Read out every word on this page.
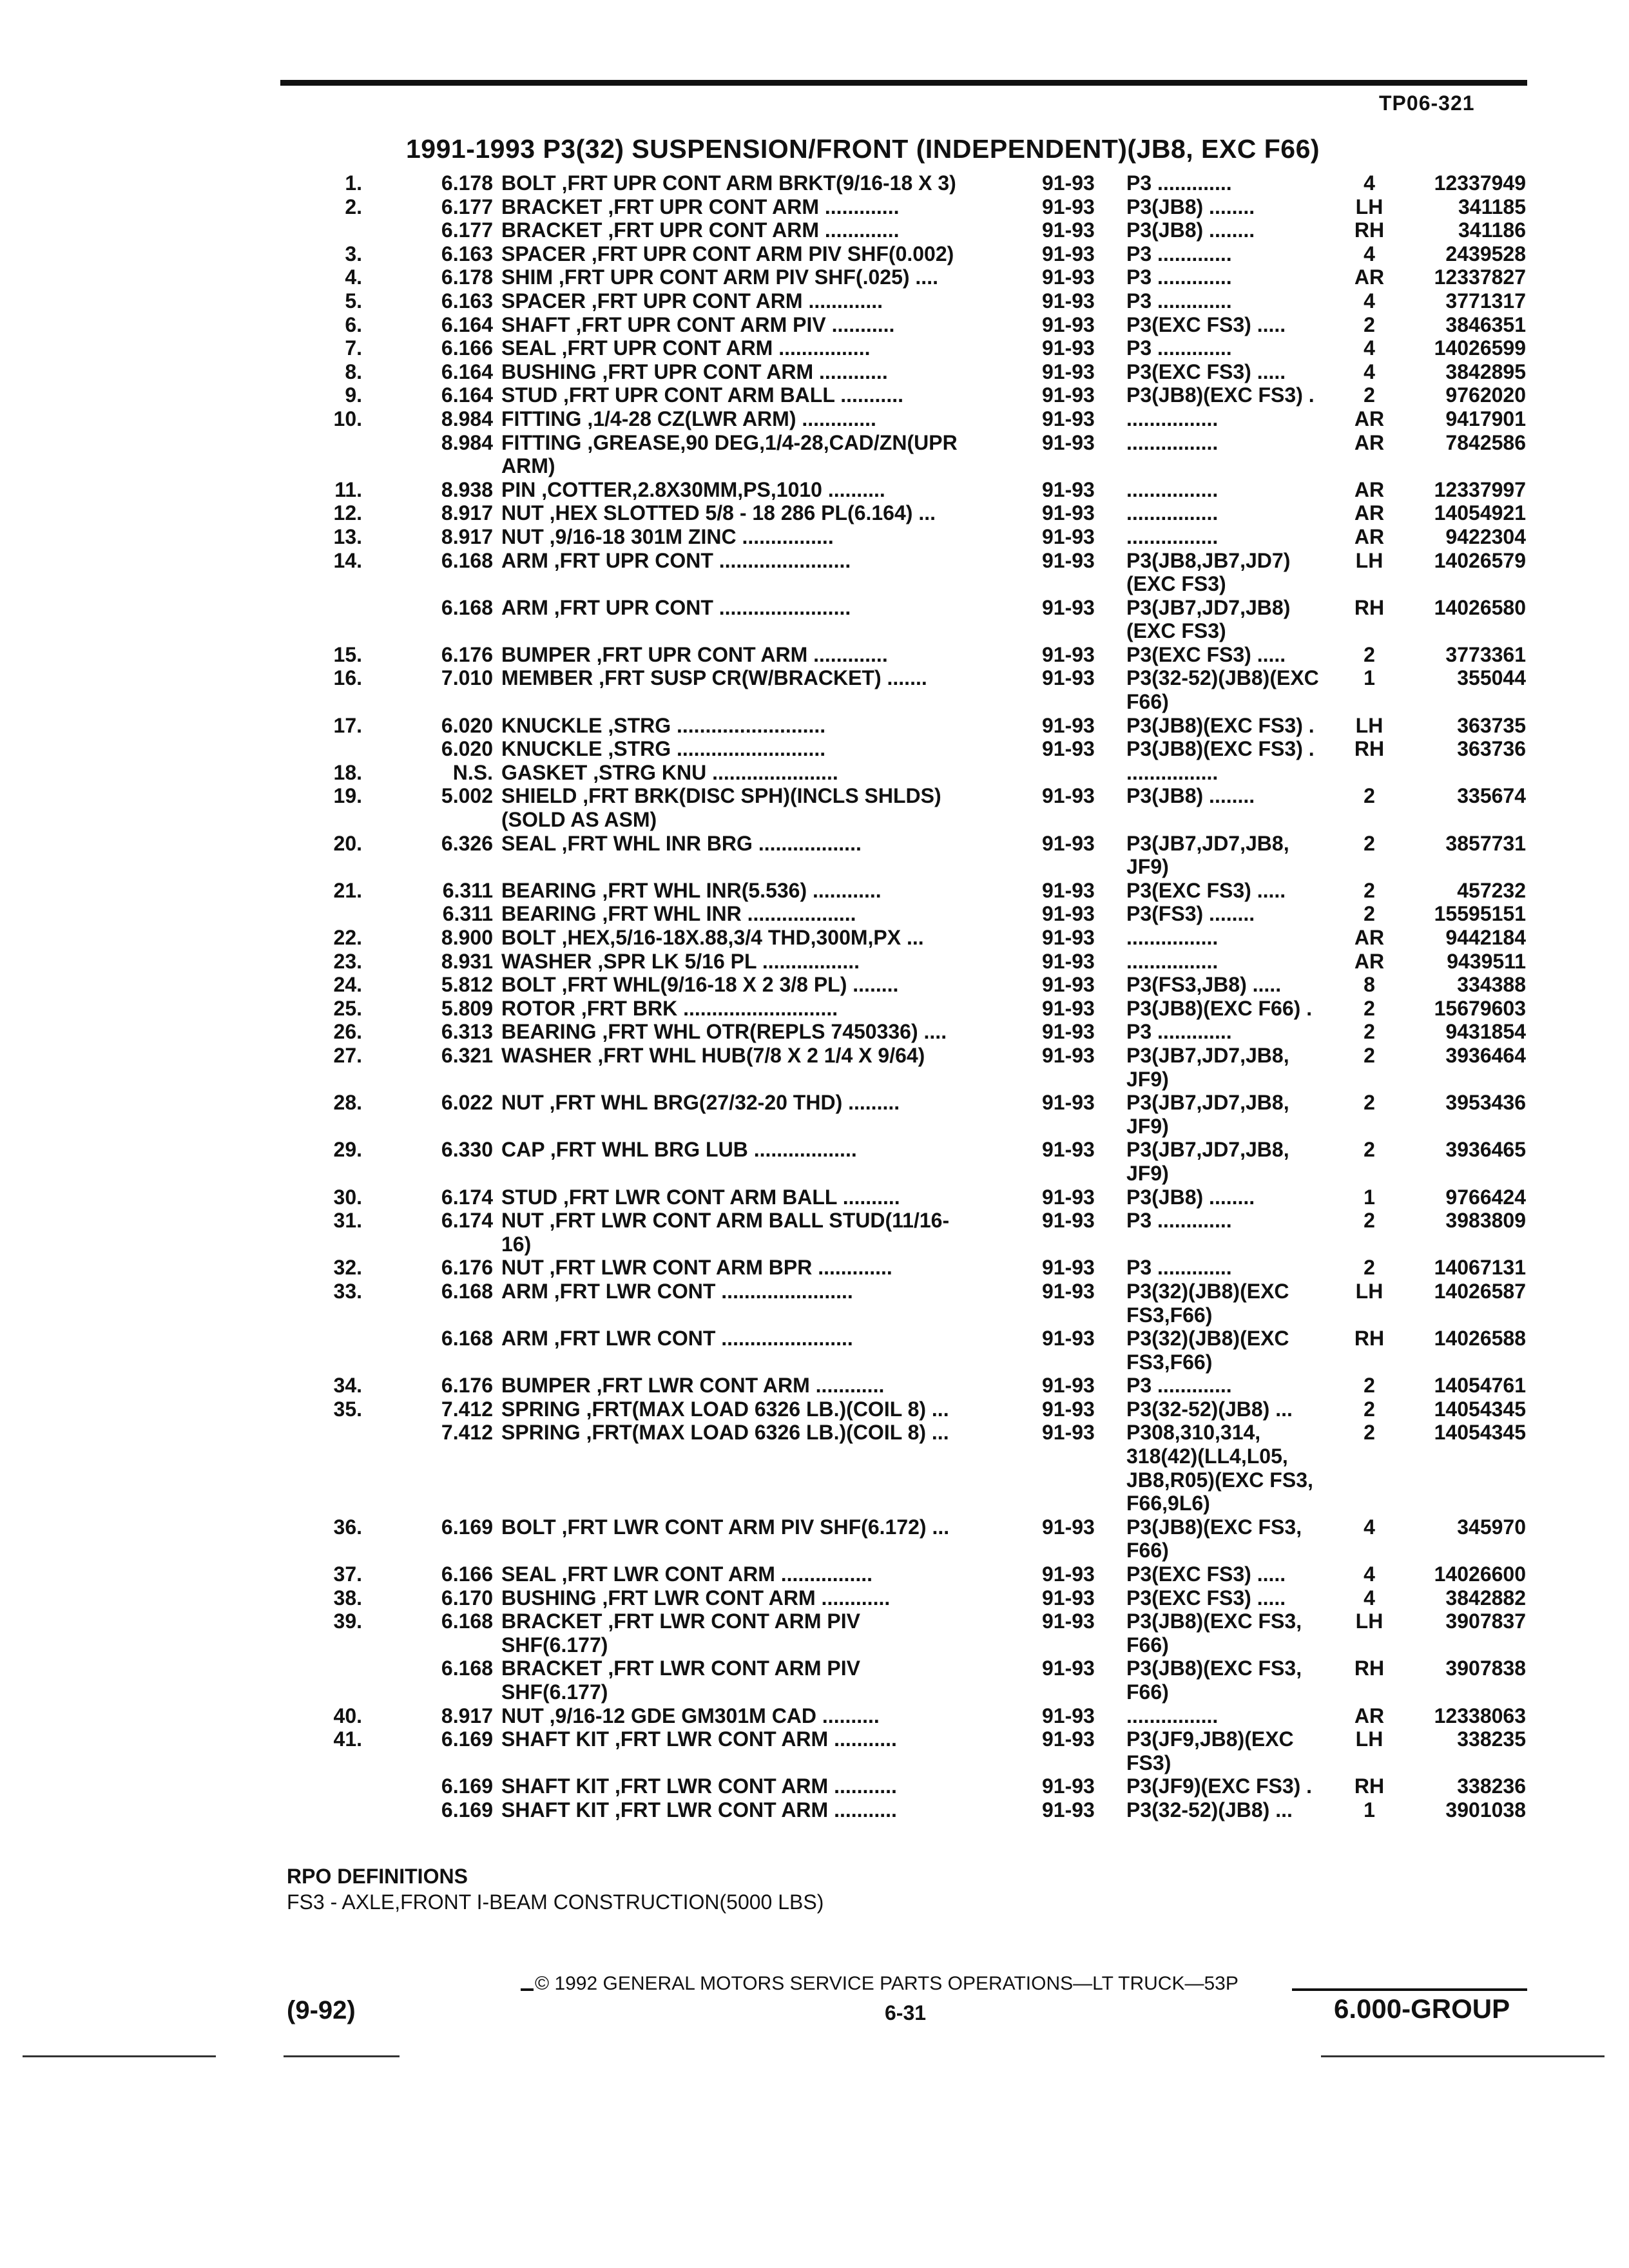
TP06-321
1991-1993 P3(32) SUSPENSION/FRONT (INDEPENDENT)(JB8, EXC F66)
1.	6.178 BOLT ,FRT UPR CONT ARM BRKT(9/16-18 X 3)	91-93 P3 .............	4	12337949
2.	6.177 BRACKET ,FRT UPR CONT ARM .............	91-93 P3(JB8) ........	LH	341185
6.177 BRACKET ,FRT UPR CONT ARM .............	91-93 P3(JB8) ........	RH	341186
3.	6.163 SPACER ,FRT UPR CONT ARM PIV SHF(0.002)	91-93 P3 .............	4	2439528
4.	6.178 SHIM ,FRT UPR CONT ARM PIV SHF(.025) ....	91-93 P3 .............	AR	12337827
5.	6.163 SPACER ,FRT UPR CONT ARM .............	91-93 P3 .............	4	3771317
6.	6.164 SHAFT ,FRT UPR CONT ARM PIV ...........	91-93 P3(EXC FS3) .....	2	3846351
7.	6.166 SEAL ,FRT UPR CONT ARM ................	91-93 P3 .............	4	14026599
8.	6.164 BUSHING ,FRT UPR CONT ARM ............	91-93 P3(EXC FS3) .....	4	3842895
9.	6.164 STUD ,FRT UPR CONT ARM BALL ...........	91-93 P3(JB8)(EXC FS3) .	2	9762020
10.	8.984 FITTING ,1/4-28 CZ(LWR ARM) .............	91-93 ................	AR	9417901
8.984 FITTING ,GREASE,90 DEG,1/4-28,CAD/ZN(UPR	91-93 ................	AR	7842586
ARM)
11.	8.938 PIN ,COTTER,2.8X30MM,PS,1010 ..........	91-93 ................	AR	12337997
12.	8.917 NUT ,HEX SLOTTED 5/8 - 18 286 PL(6.164) ...	91-93 ................	AR	14054921
13.	8.917 NUT ,9/16-18 301M ZINC ................	91-93 ................	AR	9422304
14.	6.168 ARM ,FRT UPR CONT .......................	91-93 P3(JB8,JB7,JD7)	LH	14026579
(EXC FS3)
6.168 ARM ,FRT UPR CONT .......................	91-93 P3(JB7,JD7,JB8)	RH	14026580
(EXC FS3)
15.	6.176 BUMPER ,FRT UPR CONT ARM .............	91-93 P3(EXC FS3) .....	2	3773361
16.	7.010 MEMBER ,FRT SUSP CR(W/BRACKET) .......	91-93 P3(32-52)(JB8)(EXC	1	355044
F66)
17.	6.020 KNUCKLE ,STRG ..........................	91-93 P3(JB8)(EXC FS3) .	LH	363735
6.020 KNUCKLE ,STRG ..........................	91-93 P3(JB8)(EXC FS3) .	RH	363736
18.	N.S. GASKET ,STRG KNU ......................	................
19.	5.002 SHIELD ,FRT BRK(DISC SPH)(INCLS SHLDS)	91-93 P3(JB8) ........	2	335674
(SOLD AS ASM)
20.	6.326 SEAL ,FRT WHL INR BRG ..................	91-93 P3(JB7,JD7,JB8,	2	3857731
JF9)
21.	6.311 BEARING ,FRT WHL INR(5.536) ............	91-93 P3(EXC FS3) .....	2	457232
6.311 BEARING ,FRT WHL INR ...................	91-93 P3(FS3) ........	2	15595151
22.	8.900 BOLT ,HEX,5/16-18X.88,3/4 THD,300M,PX ...	91-93 ................	AR	9442184
23.	8.931 WASHER ,SPR LK 5/16 PL .................	91-93 ................	AR	9439511
24.	5.812 BOLT ,FRT WHL(9/16-18 X 2 3/8 PL) ........	91-93 P3(FS3,JB8) .....	8	334388
25.	5.809 ROTOR ,FRT BRK ...........................	91-93 P3(JB8)(EXC F66) .	2	15679603
26.	6.313 BEARING ,FRT WHL OTR(REPLS 7450336) ....	91-93 P3 .............	2	9431854
27.	6.321 WASHER ,FRT WHL HUB(7/8 X 2 1/4 X 9/64)	91-93 P3(JB7,JD7,JB8,	2	3936464
JF9)
28.	6.022 NUT ,FRT WHL BRG(27/32-20 THD) .........	91-93 P3(JB7,JD7,JB8,	2	3953436
JF9)
29.	6.330 CAP ,FRT WHL BRG LUB ..................	91-93 P3(JB7,JD7,JB8,	2	3936465
JF9)
30.	6.174 STUD ,FRT LWR CONT ARM BALL ..........	91-93 P3(JB8) ........	1	9766424
31.	6.174 NUT ,FRT LWR CONT ARM BALL STUD(11/16-	91-93 P3 .............	2	3983809
16)
32.	6.176 NUT ,FRT LWR CONT ARM BPR .............	91-93 P3 .............	2	14067131
33.	6.168 ARM ,FRT LWR CONT .......................	91-93 P3(32)(JB8)(EXC	LH	14026587
FS3,F66)
6.168 ARM ,FRT LWR CONT .......................	91-93 P3(32)(JB8)(EXC	RH	14026588
FS3,F66)
34.	6.176 BUMPER ,FRT LWR CONT ARM ............	91-93 P3 .............	2	14054761
35.	7.412 SPRING ,FRT(MAX LOAD 6326 LB.)(COIL 8) ...	91-93 P3(32-52)(JB8) ...	2	14054345
7.412 SPRING ,FRT(MAX LOAD 6326 LB.)(COIL 8) ...	91-93 P308,310,314,	2	14054345
318(42)(LL4,L05,
JB8,R05)(EXC FS3,
F66,9L6)
36.	6.169 BOLT ,FRT LWR CONT ARM PIV SHF(6.172) ...	91-93 P3(JB8)(EXC FS3,	4	345970
F66)
37.	6.166 SEAL ,FRT LWR CONT ARM ................	91-93 P3(EXC FS3) .....	4	14026600
38.	6.170 BUSHING ,FRT LWR CONT ARM ............	91-93 P3(EXC FS3) .....	4	3842882
39.	6.168 BRACKET ,FRT LWR CONT ARM PIV	91-93 P3(JB8)(EXC FS3,	LH	3907837
SHF(6.177)	F66)
6.168 BRACKET ,FRT LWR CONT ARM PIV	91-93 P3(JB8)(EXC FS3,	RH	3907838
SHF(6.177)	F66)
40.	8.917 NUT ,9/16-12 GDE GM301M CAD ..........	91-93 ................	AR	12338063
41.	6.169 SHAFT KIT ,FRT LWR CONT ARM ...........	91-93 P3(JF9,JB8)(EXC	LH	338235
FS3)
6.169 SHAFT KIT ,FRT LWR CONT ARM ...........	91-93 P3(JF9)(EXC FS3) .	RH	338236
6.169 SHAFT KIT ,FRT LWR CONT ARM ...........	91-93 P3(32-52)(JB8) ...	1	3901038
RPO DEFINITIONS
FS3 - AXLE,FRONT I-BEAM CONSTRUCTION(5000 LBS)
© 1992 GENERAL MOTORS SERVICE PARTS OPERATIONS—LT TRUCK—53P
(9-92)	6-31	6.000-GROUP
